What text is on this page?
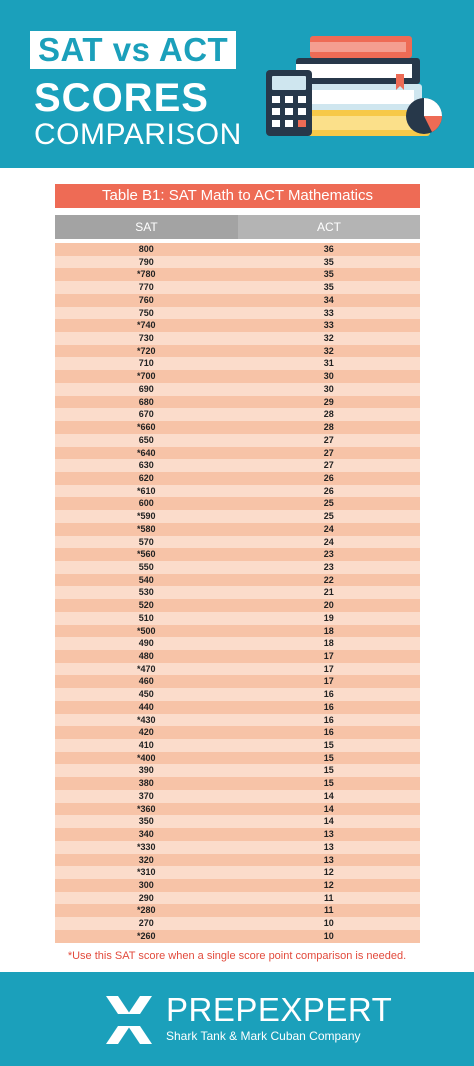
SAT vs ACT
SCORES
COMPARISON
Table B1: SAT Math to ACT Mathematics
SAT	ACT
800	36
790	35
*780	35
770	35
760	34
750	33
*740	33
730	32
*720	32
710	31
*700	30
690	30
680	29
670	28
*660	28
650	27
*640	27
630	27
620	26
*610	26
600	25
*590	25
*580	24
570	24
*560	23
550	23
540	22
530	21
520	20
510	19
*500	18
490	18
480	17
*470	17
460	17
450	16
440	16
*430	16
420	16
410	15
*400	15
390	15
380	15
370	14
*360	14
350	14
340	13
*330	13
320	13
*310	12
300	12
290	11
*280	11
270	10
*260	10
*Use this SAT score when a single score point comparison is needed.
PREPEXPERT
Shark Tank & Mark Cuban Company
